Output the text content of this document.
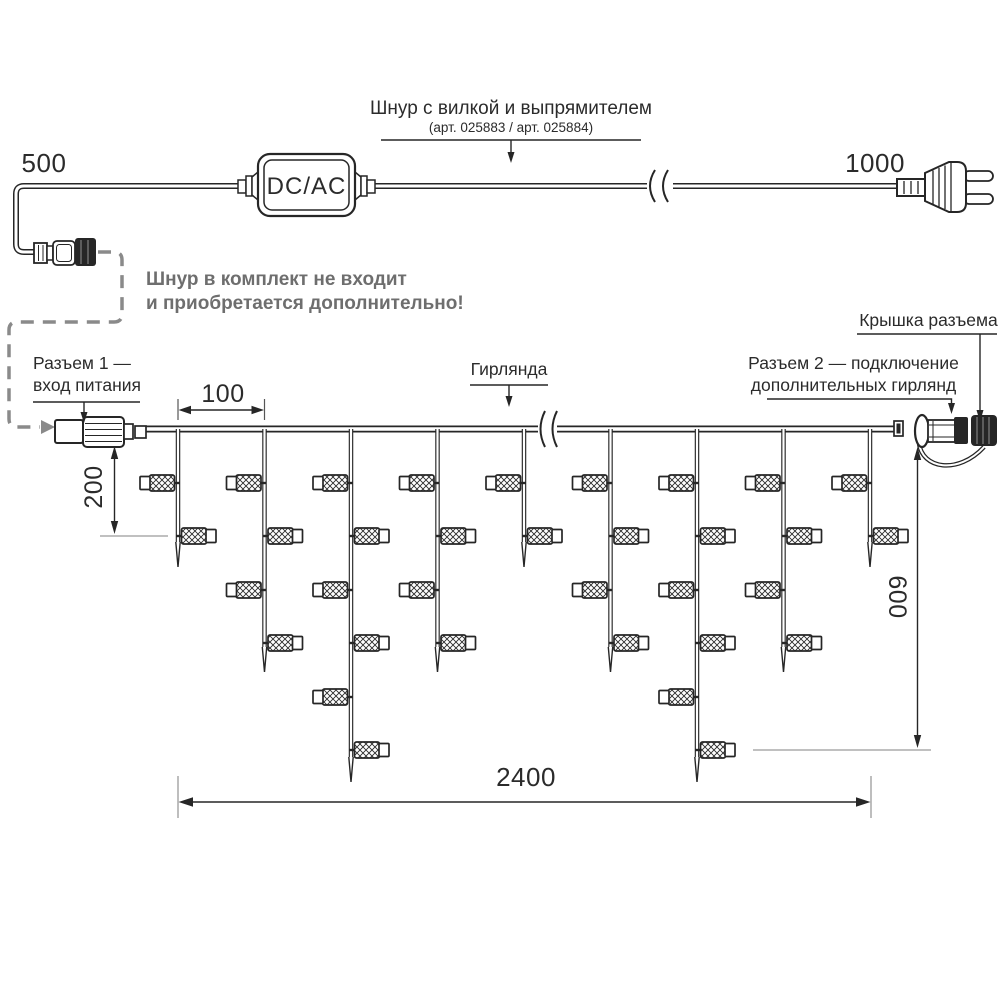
500	1000
Шнур с вилкой и выпрямителем
(арт. 025883 / арт. 025884)
DC/AC
Шнур в комплект не входит
и приобретается дополнительно!
Разъем 1 —
вход питания
Гирлянда	Разъем 2 — подключение
дополнительных гирлянд
Крышка разъема
100
200
600
2400
